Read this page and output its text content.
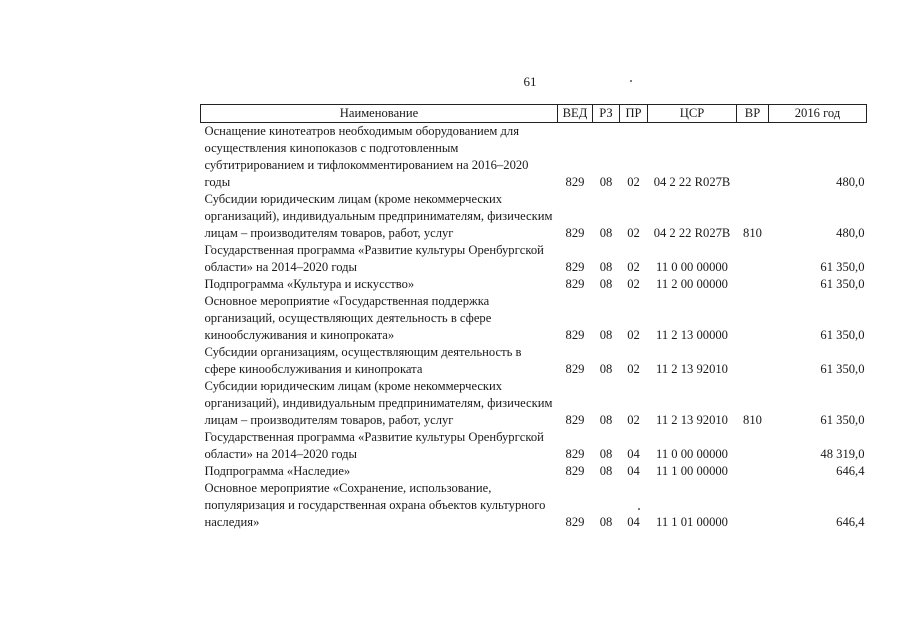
61
Наименование	ВЕД	РЗ	ПР	ЦСР	ВР	2016 год
Оснащение кинотеатров необходимым оборудованием для осуществления кинопоказов с подготовленным субтитрированием и тифлокомментированием на 2016–2020 годы	829	08	02	04 2 22 R027B		480,0
Субсидии юридическим лицам (кроме некоммерческих организаций), индивидуальным предпринимателям, физическим лицам – производителям товаров, работ, услуг	829	08	02	04 2 22 R027B	810	480,0
Государственная программа «Развитие культуры Оренбургской области» на 2014–2020 годы	829	08	02	11 0 00 00000		61 350,0
Подпрограмма «Культура и искусство»	829	08	02	11 2 00 00000		61 350,0
Основное мероприятие «Государственная поддержка организаций, осуществляющих деятельность в сфере кинообслуживания и кинопроката»	829	08	02	11 2 13 00000		61 350,0
Субсидии организациям, осуществляющим деятельность в сфере кинообслуживания и кинопроката	829	08	02	11 2 13 92010		61 350,0
Субсидии юридическим лицам (кроме некоммерческих организаций), индивидуальным предпринимателям, физическим лицам – производителям товаров, работ, услуг	829	08	02	11 2 13 92010	810	61 350,0
Государственная программа «Развитие культуры Оренбургской области» на 2014–2020 годы	829	08	04	11 0 00 00000		48 319,0
Подпрограмма «Наследие»	829	08	04	11 1 00 00000		646,4
Основное мероприятие «Сохранение, использование, популяризация и государственная охрана объектов культурного наследия»	829	08	04	11 1 01 00000		646,4
